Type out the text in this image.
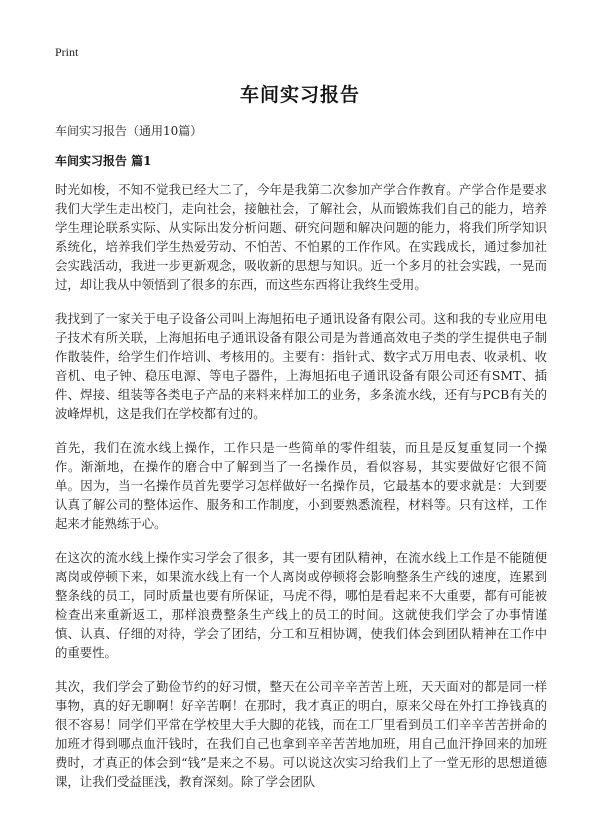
Print
车间实习报告
车间实习报告（通用10篇）
车间实习报告 篇1

时光如梭，不知不觉我已经大二了，今年是我第二次参加产学合作教育。产学合作是要求我们大学生走出校门，走向社会，接触社会，了解社会，从而锻炼我们自己的能力，培养学生理论联系实际、从实际出发分析问题、研究问题和解决问题的能力，将我们所学知识系统化，培养我们学生热爱劳动、不怕苦、不怕累的工作作风。在实践成长，通过参加社会实践活动，我进一步更新观念，吸收新的思想与知识。近一个多月的社会实践，一晃而过，却让我从中领悟到了很多的东西，而这些东西将让我终生受用。

我找到了一家关于电子设备公司叫上海旭拓电子通讯设备有限公司。这和我的专业应用电子技术有所关联，上海旭拓电子通讯设备有限公司是为普通高效电子类的学生提供电子制作散装件，给学生们作培训、考核用的。主要有：指针式、数字式万用电表、收录机、收音机、电子钟、稳压电源、等电子器件，上海旭拓电子通讯设备有限公司还有SMT、插件、焊接、组装等各类电子产品的来料来样加工的业务，多条流水线，还有与PCB有关的波峰焊机，这是我们在学校都有过的。

首先，我们在流水线上操作，工作只是一些简单的零件组装，而且是反复重复同一个操作。渐渐地，在操作的磨合中了解到当了一名操作员，看似容易，其实要做好它很不简单。因为，当一名操作员首先要学习怎样做好一名操作员，它最基本的要求就是：大到要认真了解公司的整体运作、服务和工作制度，小到要熟悉流程，材料等。只有这样，工作起来才能熟练于心。

在这次的流水线上操作实习学会了很多，其一要有团队精神，在流水线上工作是不能随便离岗或停顿下来，如果流水线上有一个人离岗或停顿将会影响整条生产线的速度，连累到整条线的员工，同时质量也要有所保证，马虎不得，哪怕是看起来不大重要，都有可能被检查出来重新返工，那样浪费整条生产线上的员工的时间。这就使我们学会了办事情谨慎、认真、仔细的对待，学会了团结，分工和互相协调，使我们体会到团队精神在工作中的重要性。

其次，我们学会了勤俭节约的好习惯，整天在公司辛辛苦苦上班，天天面对的都是同一样事物，真的好无聊啊！好辛苦啊！在那时，我才真正的明白，原来父母在外打工挣钱真的很不容易！同学们平常在学校里大手大脚的花钱，而在工厂里看到员工们辛辛苦苦拼命的加班才得到哪点血汗钱时，在我们自己也拿到辛辛苦苦地加班，用自己血汗挣回来的加班费时，才真正的体会到“钱”是来之不易。可以说这次实习给我们上了一堂无形的思想道德课，让我们受益匪浅，教育深刻。除了学会团队
